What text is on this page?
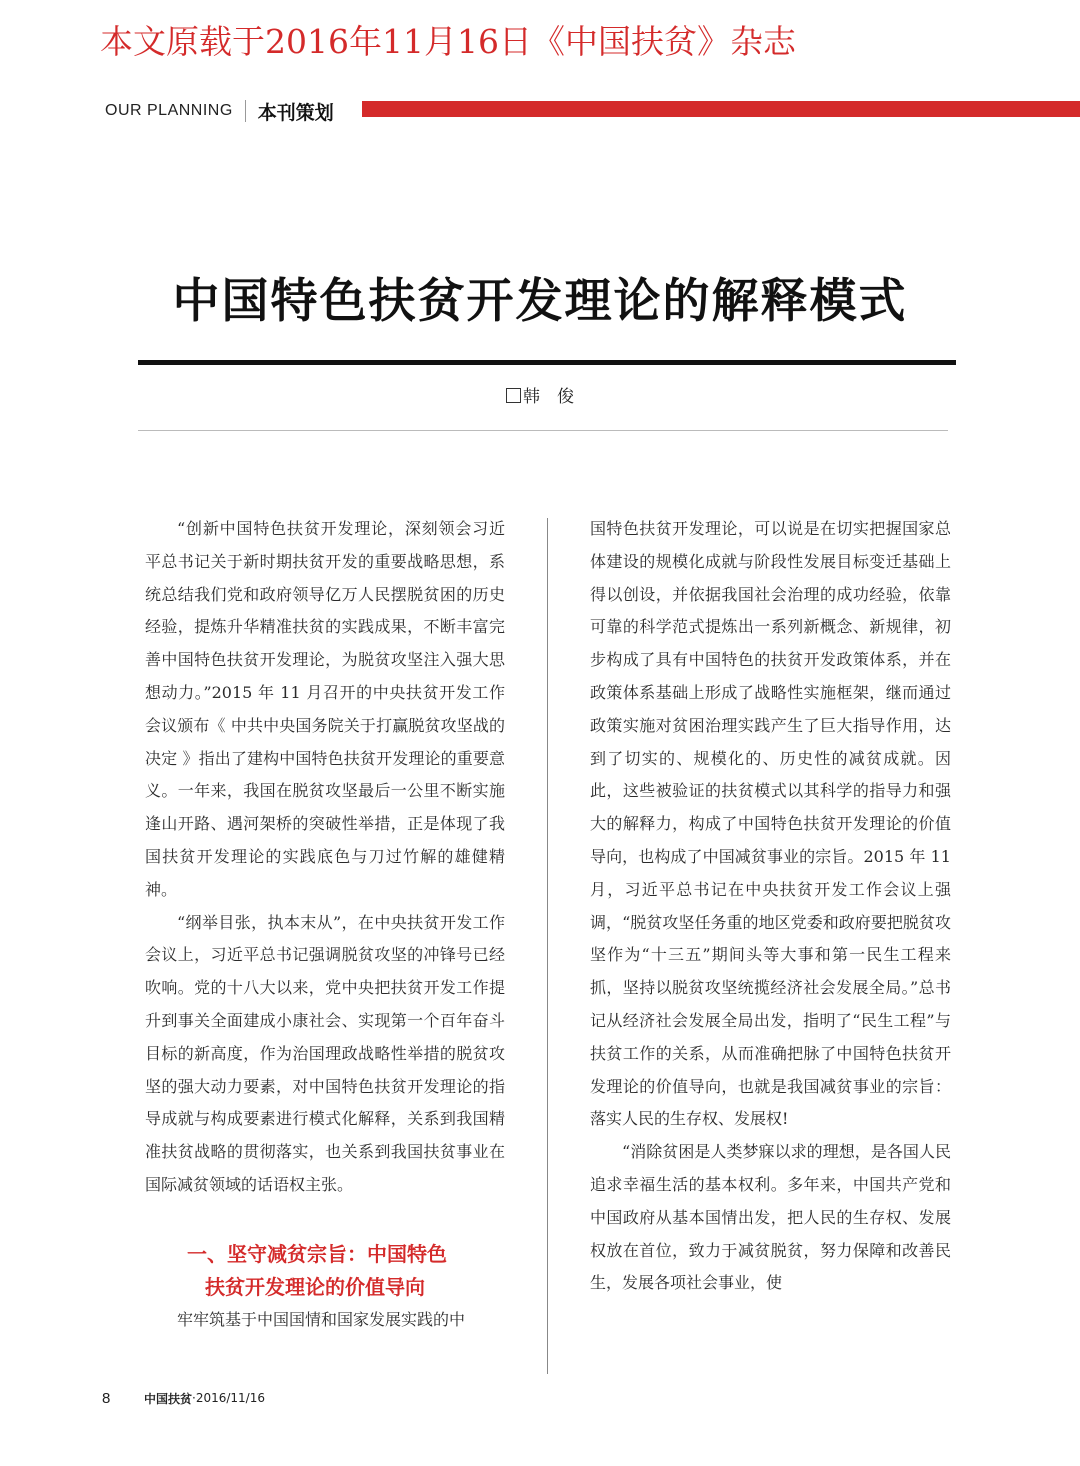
本文原载于2016年11月16日《中国扶贫》杂志
OUR PLANNING 本刊策划
中国特色扶贫开发理论的解释模式
韩　俊

“创新中国特色扶贫开发理论，深刻领会习近平总书记关于新时期扶贫开发的重要战略思想，系统总结我们党和政府领导亿万人民摆脱贫困的历史经验，提炼升华精准扶贫的实践成果，不断丰富完善中国特色扶贫开发理论，为脱贫攻坚注入强大思想动力。”2015 年 11 月召开的中央扶贫开发工作会议颁布《 中共中央国务院关于打赢脱贫攻坚战的决定 》指出了建构中国特色扶贫开发理论的重要意义。一年来，我国在脱贫攻坚最后一公里不断实施逢山开路、遇河架桥的突破性举措，正是体现了我国扶贫开发理论的实践底色与刀过竹解的雄健精神。

“纲举目张，执本末从”，在中央扶贫开发工作会议上，习近平总书记强调脱贫攻坚的冲锋号已经吹响。党的十八大以来，党中央把扶贫开发工作提升到事关全面建成小康社会、实现第一个百年奋斗目标的新高度，作为治国理政战略性举措的脱贫攻坚的强大动力要素，对中国特色扶贫开发理论的指导成就与构成要素进行模式化解释，关系到我国精准扶贫战略的贯彻落实，也关系到我国扶贫事业在国际减贫领域的话语权主张。

一、坚守减贫宗旨：中国特色
扶贫开发理论的价值导向

牢牢筑基于中国国情和国家发展实践的中

国特色扶贫开发理论，可以说是在切实把握国家总体建设的规模化成就与阶段性发展目标变迁基础上得以创设，并依据我国社会治理的成功经验，依靠可靠的科学范式提炼出一系列新概念、新规律，初步构成了具有中国特色的扶贫开发政策体系，并在政策体系基础上形成了战略性实施框架，继而通过政策实施对贫困治理实践产生了巨大指导作用，达到了切实的、规模化的、历史性的减贫成就。因此，这些被验证的扶贫模式以其科学的指导力和强大的解释力，构成了中国特色扶贫开发理论的价值导向，也构成了中国减贫事业的宗旨。2015 年 11 月，习近平总书记在中央扶贫开发工作会议上强调，“脱贫攻坚任务重的地区党委和政府要把脱贫攻坚作为“十三五”期间头等大事和第一民生工程来抓，坚持以脱贫攻坚统揽经济社会发展全局。”总书记从经济社会发展全局出发，指明了“民生工程”与扶贫工作的关系，从而准确把脉了中国特色扶贫开发理论的价值导向，也就是我国减贫事业的宗旨：落实人民的生存权、发展权!

“消除贫困是人类梦寐以求的理想，是各国人民追求幸福生活的基本权利。多年来，中国共产党和中国政府从基本国情出发，把人民的生存权、发展权放在首位，致力于减贫脱贫，努力保障和改善民生，发展各项社会事业，使

8	中国扶贫 ·2016/11/16
